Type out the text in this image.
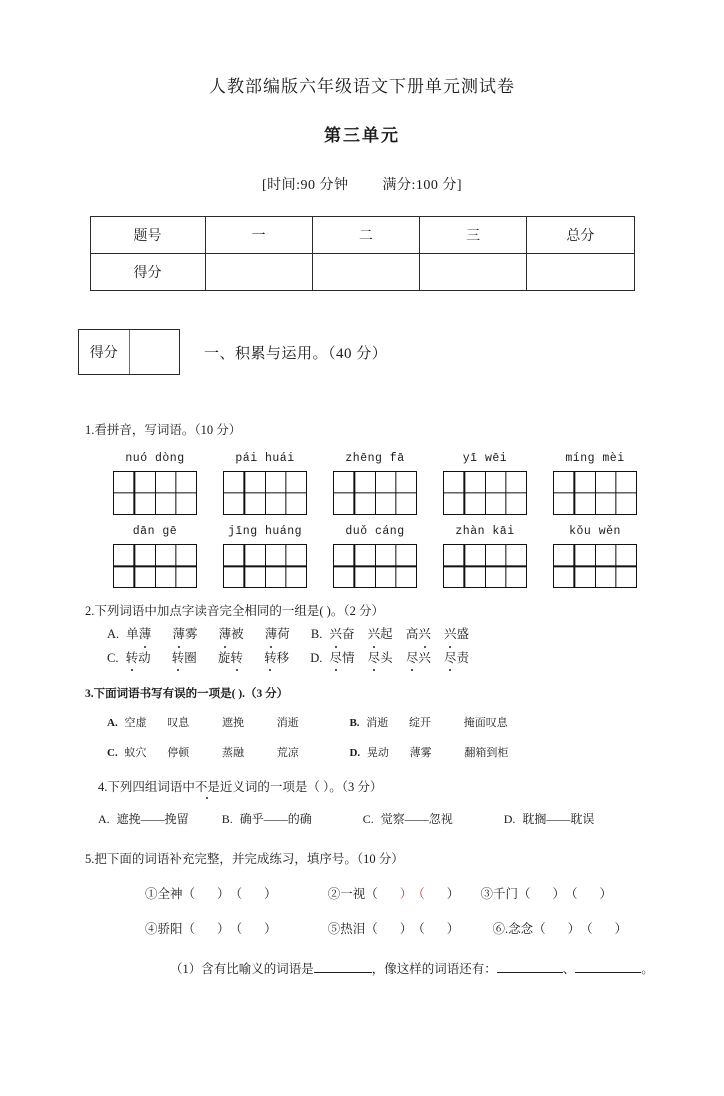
人教部编版六年级语文下册单元测试卷
第三单元
[时间:90 分钟 满分:100 分]
题号	一	二	三	总分
得分				
得分	一、积累与运用。（40 分）
1.看拼音，写词语。（10 分）
nuó dòng	pái huái	zhēng fā	yī wēi	míng mèi
dān gē	jīng huáng	duǒ cáng	zhàn kāi	kǒu wěn
2.下列词语中加点字读音完全相同的一组是( )。（2 分）
A. 单薄 薄雾 薄被 薄荷 B. 兴奋 兴起 高兴 兴盛
C. 转动 转圈 旋转 转移 D. 尽情 尽头 尽兴 尽责
3.下面词语书写有误的一项是( ).（3 分）
A. 空虚 叹息	遮挽	消逝	B. 消逝 绽开	掩面叹息
C. 蚁穴 停顿	蒸融	荒凉	D. 晃动 薄雾	翻箱到柜
4.下列四组词语中不是近义词的一项是（ ）。（3 分）
A. 遮挽——挽留	B. 确乎——的确	C. 觉察——忽视	D. 耽搁——耽误
5.把下面的词语补充完整，并完成练习，填序号。（10 分）
①全神（ ）（ ）	②一视（ ）（ ） ③千门（ ）（ ）
④骄阳（ ）（ ）	⑤热泪（ ）（ ）	⑥.念念（ ）（ ）
（1）含有比喻义的词语是	，像这样的词语还有：	、	。
